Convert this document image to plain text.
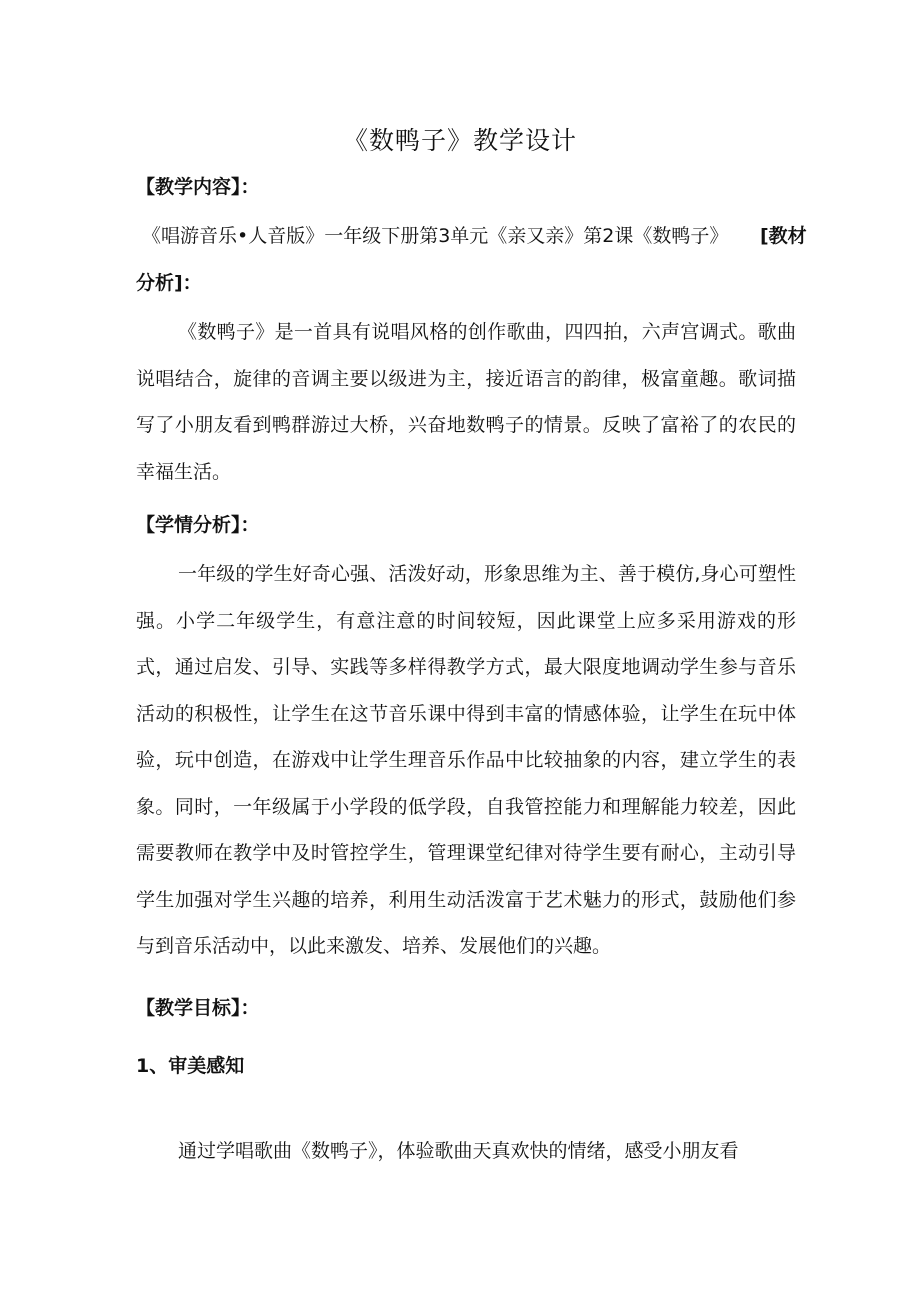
《数鸭子》教学设计
【教学内容】：
《唱游音乐•人音版》一年级下册第3单元《亲又亲》第2课《数鸭子》 [教材
分析]：
《数鸭子》是一首具有说唱风格的创作歌曲，四四拍，六声宫调式。歌曲说唱结合，旋律的音调主要以级进为主，接近语言的韵律，极富童趣。歌词描写了小朋友看到鸭群游过大桥，兴奋地数鸭子的情景。反映了富裕了的农民的幸福生活。
【学情分析】：
一年级的学生好奇心强、活泼好动，形象思维为主、善于模仿,身心可塑性强。小学二年级学生，有意注意的时间较短，因此课堂上应多采用游戏的形式，通过启发、引导、实践等多样得教学方式，最大限度地调动学生参与音乐活动的积极性，让学生在这节音乐课中得到丰富的情感体验，让学生在玩中体验，玩中创造，在游戏中让学生理音乐作品中比较抽象的内容，建立学生的表象。同时，一年级属于小学段的低学段，自我管控能力和理解能力较差，因此需要教师在教学中及时管控学生，管理课堂纪律对待学生要有耐心，主动引导学生加强对学生兴趣的培养，利用生动活泼富于艺术魅力的形式，鼓励他们参与到音乐活动中，以此来激发、培养、发展他们的兴趣。
【教学目标】：
1、审美感知
通过学唱歌曲《数鸭子》，体验歌曲天真欢快的情绪，感受小朋友看
